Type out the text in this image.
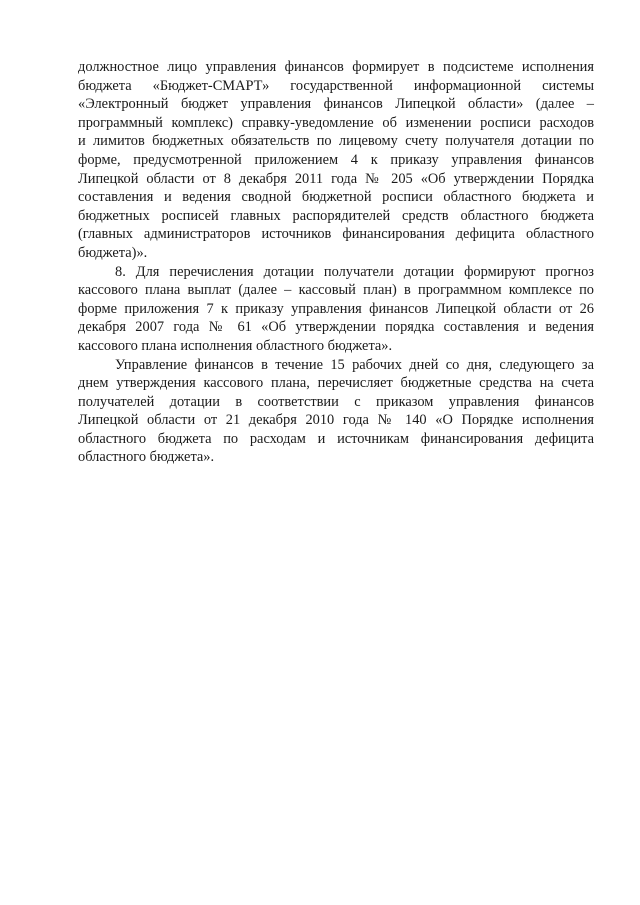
должностное лицо управления финансов формирует в подсистеме исполнения
бюджета «Бюджет-СМАРТ» государственной информационной системы
«Электронный бюджет управления финансов Липецкой области» (далее –
программный комплекс) справку-уведомление об изменении росписи расходов
и лимитов бюджетных обязательств по лицевому счету получателя дотации по
форме, предусмотренной приложением 4 к приказу управления финансов
Липецкой области от 8 декабря 2011 года № 205 «Об утверждении Порядка
составления и ведения сводной бюджетной росписи областного бюджета и
бюджетных росписей главных распорядителей средств областного бюджета
(главных администраторов источников финансирования дефицита областного
бюджета)».
8. Для перечисления дотации получатели дотации формируют прогноз
кассового плана выплат (далее – кассовый план) в программном комплексе по
форме приложения 7 к приказу управления финансов Липецкой области от 26
декабря 2007 года № 61 «Об утверждении порядка составления и ведения
кассового плана исполнения областного бюджета».
Управление финансов в течение 15 рабочих дней со дня, следующего за
днем утверждения кассового плана, перечисляет бюджетные средства на счета
получателей дотации в соответствии с приказом управления финансов
Липецкой области от 21 декабря 2010 года № 140 «О Порядке исполнения
областного бюджета по расходам и источникам финансирования дефицита
областного бюджета».
